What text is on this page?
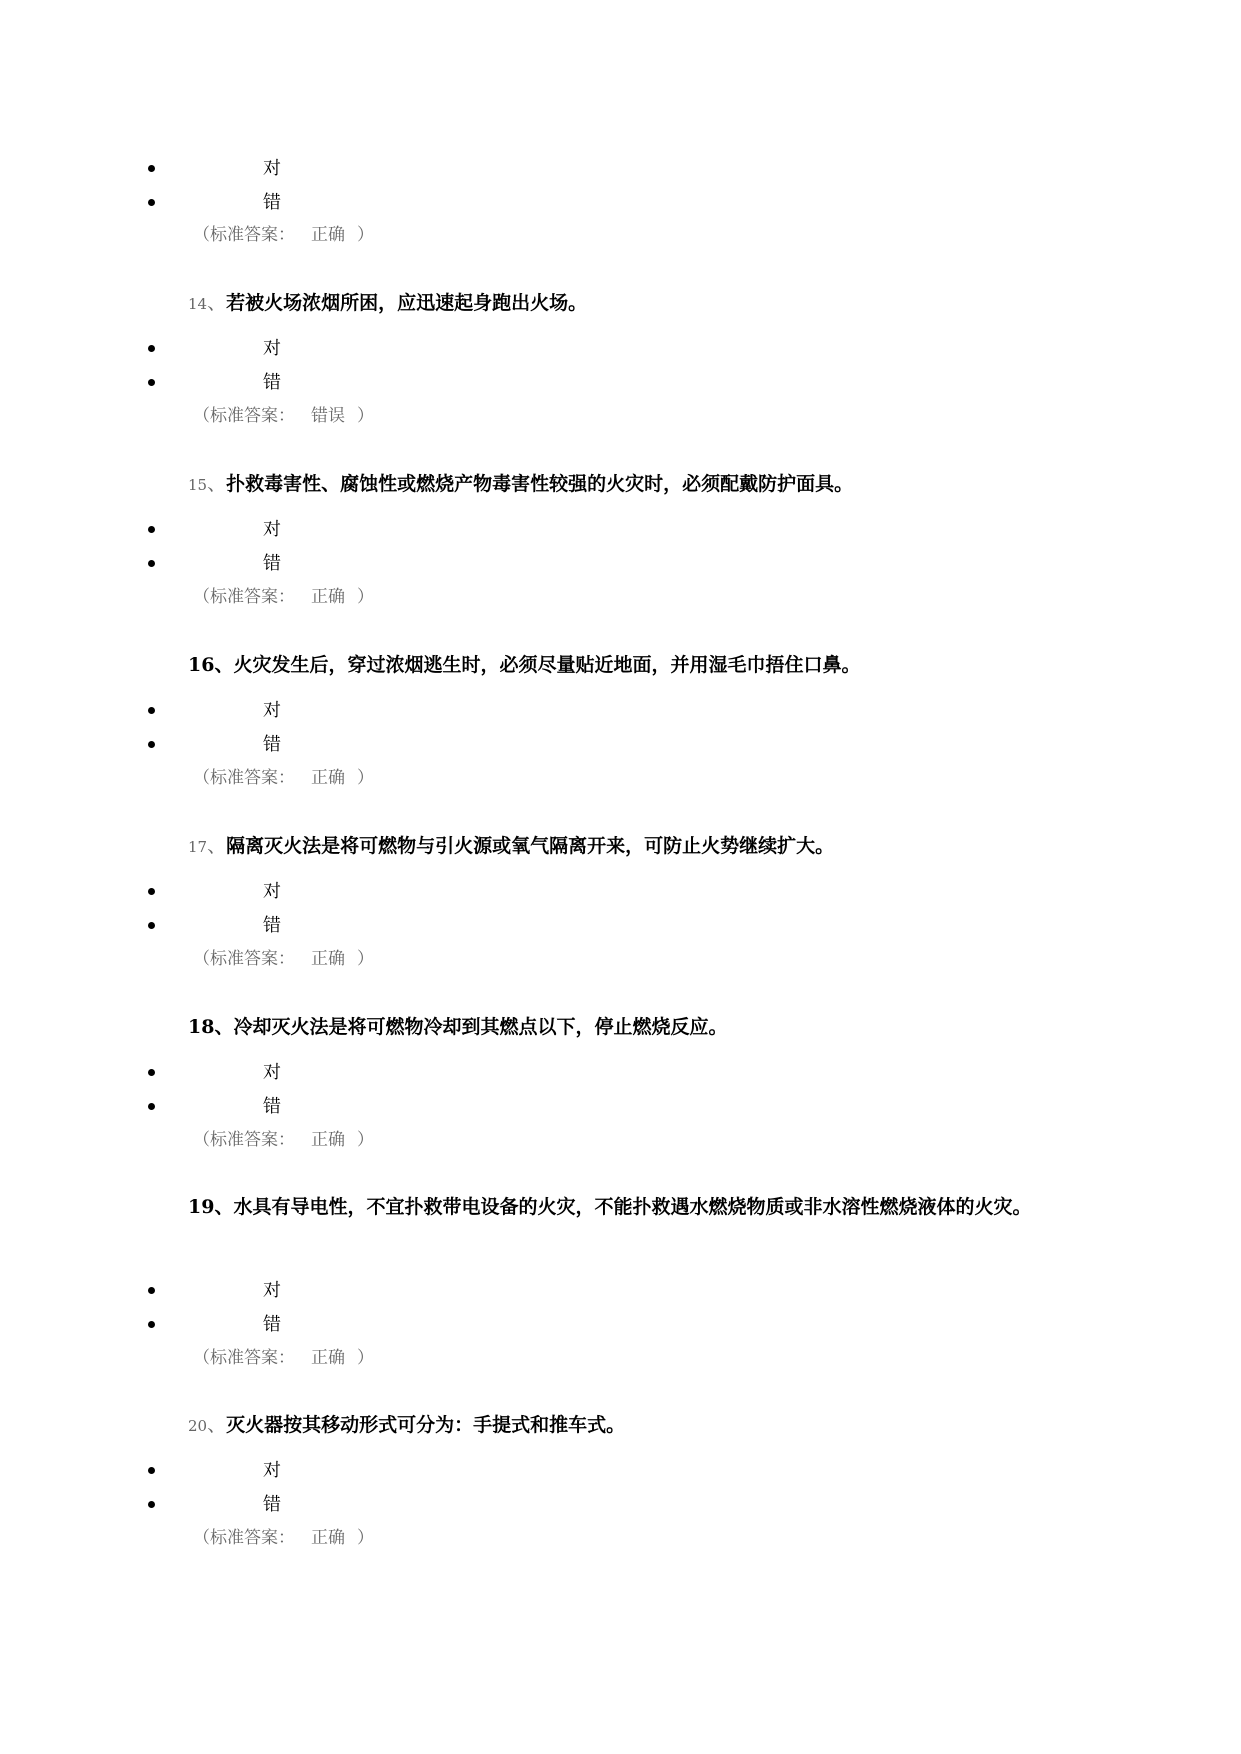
对
错
（标准答案： 正确 ）
14、若被火场浓烟所困，应迅速起身跑出火场。
对
错
（标准答案： 错误 ）
15、扑救毒害性、腐蚀性或燃烧产物毒害性较强的火灾时，必须配戴防护面具。
对
错
（标准答案： 正确 ）
16、火灾发生后，穿过浓烟逃生时，必须尽量贴近地面，并用湿毛巾捂住口鼻。
对
错
（标准答案： 正确 ）
17、隔离灭火法是将可燃物与引火源或氧气隔离开来，可防止火势继续扩大。
对
错
（标准答案： 正确 ）
18、冷却灭火法是将可燃物冷却到其燃点以下，停止燃烧反应。
对
错
（标准答案： 正确 ）
19、水具有导电性，不宜扑救带电设备的火灾，不能扑救遇水燃烧物质或非水溶性燃烧液体的火灾。
对
错
（标准答案： 正确 ）
20、灭火器按其移动形式可分为：手提式和推车式。
对
错
（标准答案： 正确 ）
